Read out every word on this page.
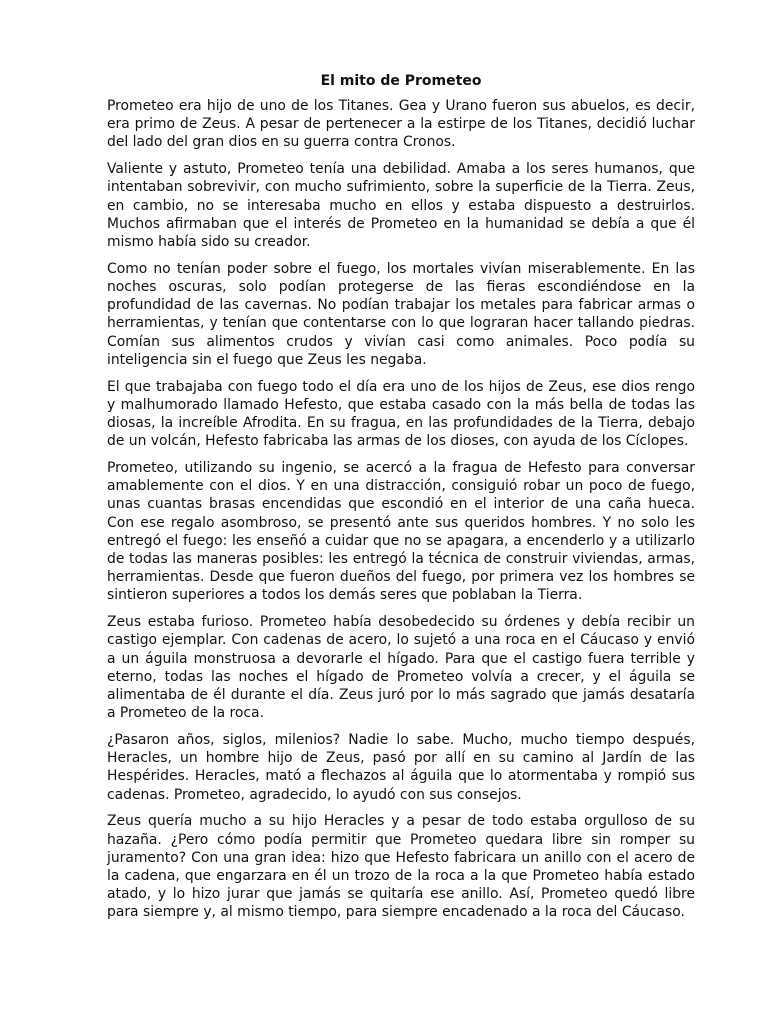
El mito de Prometeo

Prometeo era hijo de uno de los Titanes. Gea y Urano fueron sus abuelos, es decir, era primo de Zeus. A pesar de pertenecer a la estirpe de los Titanes, decidió luchar del lado del gran dios en su guerra contra Cronos.

Valiente y astuto, Prometeo tenía una debilidad. Amaba a los seres humanos, que intentaban sobrevivir, con mucho sufrimiento, sobre la superficie de la Tierra. Zeus, en cambio, no se interesaba mucho en ellos y estaba dispuesto a destruirlos. Muchos afirmaban que el interés de Prometeo en la humanidad se debía a que él mismo había sido su creador.

Como no tenían poder sobre el fuego, los mortales vivían miserablemente. En las noches oscuras, solo podían protegerse de las fieras escondiéndose en la profundidad de las cavernas. No podían trabajar los metales para fabricar armas o herramientas, y tenían que contentarse con lo que lograran hacer tallando piedras. Comían sus alimentos crudos y vivían casi como animales. Poco podía su inteligencia sin el fuego que Zeus les negaba.

El que trabajaba con fuego todo el día era uno de los hijos de Zeus, ese dios rengo y malhumorado llamado Hefesto, que estaba casado con la más bella de todas las diosas, la increíble Afrodita. En su fragua, en las profundidades de la Tierra, debajo de un volcán, Hefesto fabricaba las armas de los dioses, con ayuda de los Cíclopes.

Prometeo, utilizando su ingenio, se acercó a la fragua de Hefesto para conversar amablemente con el dios. Y en una distracción, consiguió robar un poco de fuego, unas cuantas brasas encendidas que escondió en el interior de una caña hueca. Con ese regalo asombroso, se presentó ante sus queridos hombres. Y no solo les entregó el fuego: les enseñó a cuidar que no se apagara, a encenderlo y a utilizarlo de todas las maneras posibles: les entregó la técnica de construir viviendas, armas, herramientas. Desde que fueron dueños del fuego, por primera vez los hombres se sintieron superiores a todos los demás seres que poblaban la Tierra.

Zeus estaba furioso. Prometeo había desobedecido su órdenes y debía recibir un castigo ejemplar. Con cadenas de acero, lo sujetó a una roca en el Cáucaso y envió a un águila monstruosa a devorarle el hígado. Para que el castigo fuera terrible y eterno, todas las noches el hígado de Prometeo volvía a crecer, y el águila se alimentaba de él durante el día. Zeus juró por lo más sagrado que jamás desataría a Prometeo de la roca.

¿Pasaron años, siglos, milenios? Nadie lo sabe. Mucho, mucho tiempo después, Heracles, un hombre hijo de Zeus, pasó por allí en su camino al Jardín de las Hespérides. Heracles, mató a flechazos al águila que lo atormentaba y rompió sus cadenas. Prometeo, agradecido, lo ayudó con sus consejos.

Zeus quería mucho a su hijo Heracles y a pesar de todo estaba orgulloso de su hazaña. ¿Pero cómo podía permitir que Prometeo quedara libre sin romper su juramento? Con una gran idea: hizo que Hefesto fabricara un anillo con el acero de la cadena, que engarzara en él un trozo de la roca a la que Prometeo había estado atado, y lo hizo jurar que jamás se quitaría ese anillo. Así, Prometeo quedó libre para siempre y, al mismo tiempo, para siempre encadenado a la roca del Cáucaso.
